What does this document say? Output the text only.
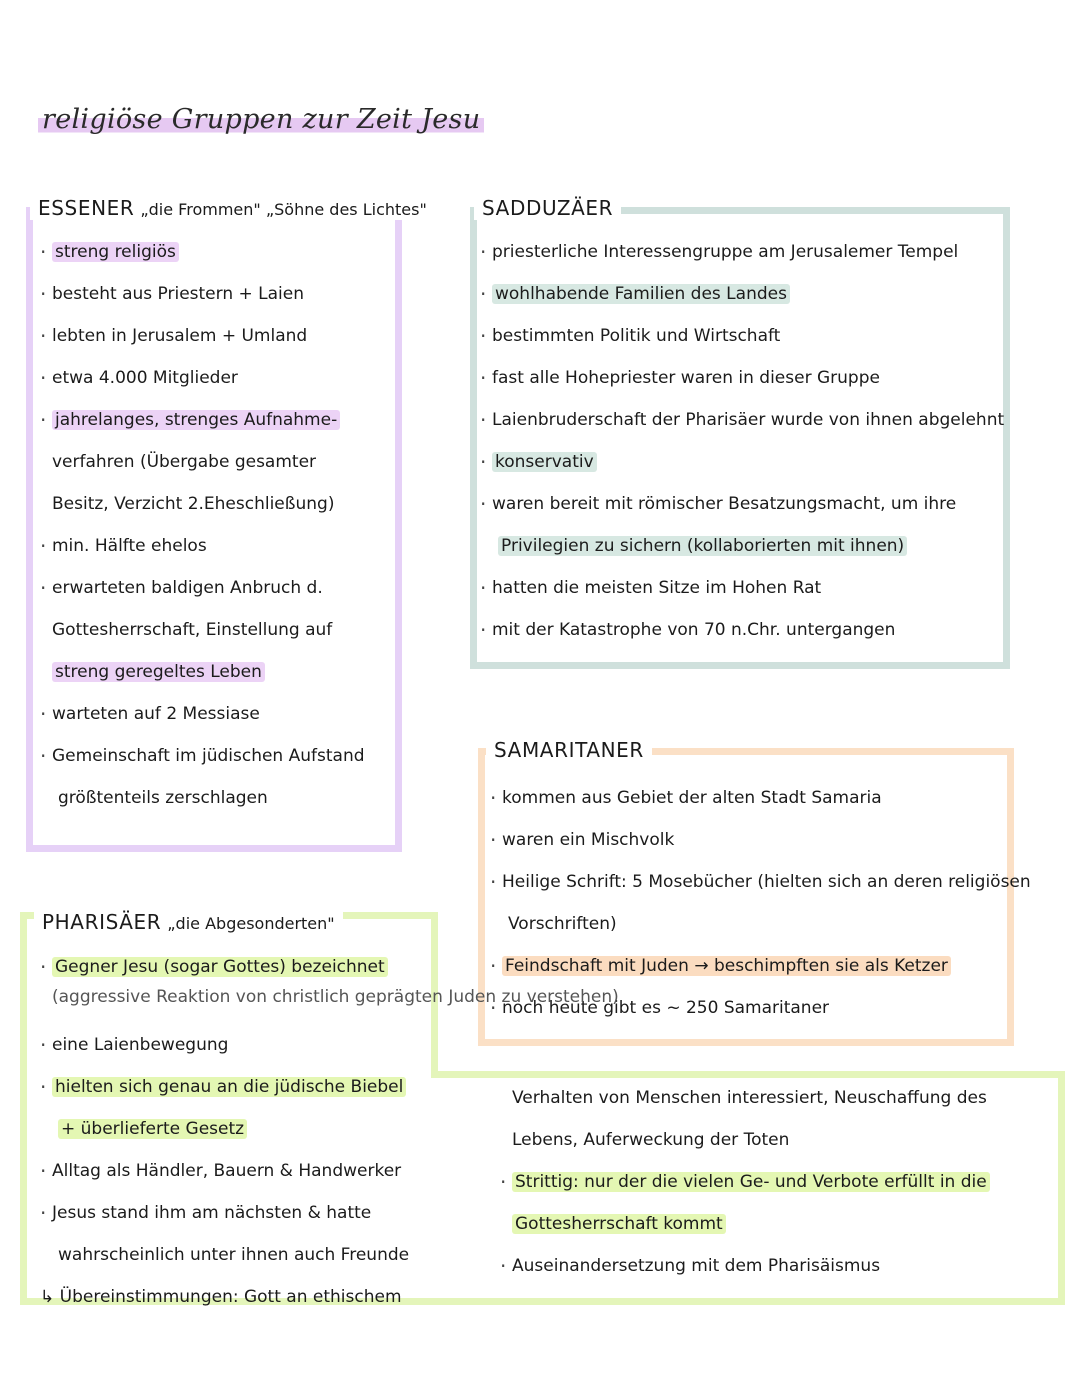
religiöse Gruppen zur Zeit Jesu
ESSENER „die Frommen" „Söhne des Lichtes"
· streng religiös
· besteht aus Priestern + Laien
· lebten in Jerusalem + Umland
· etwa 4.000 Mitglieder
· jahrelanges, strenges Aufnahme-
verfahren (Übergabe gesamter
Besitz, Verzicht 2.Eheschließung)
· min. Hälfte ehelos
· erwarteten baldigen Anbruch d.
Gottesherrschaft, Einstellung auf
streng geregeltes Leben
· warteten auf 2 Messiase
· Gemeinschaft im jüdischen Aufstand
größtenteils zerschlagen
SADDUZÄER
· priesterliche Interessengruppe am Jerusalemer Tempel
· wohlhabende Familien des Landes
· bestimmten Politik und Wirtschaft
· fast alle Hohepriester waren in dieser Gruppe
· Laienbruderschaft der Pharisäer wurde von ihnen abgelehnt
· konservativ
· waren bereit mit römischer Besatzungsmacht, um ihre
Privilegien zu sichern (kollaborierten mit ihnen)
· hatten die meisten Sitze im Hohen Rat
· mit der Katastrophe von 70 n.Chr. untergangen
SAMARITANER
· kommen aus Gebiet der alten Stadt Samaria
· waren ein Mischvolk
· Heilige Schrift: 5 Mosebücher (hielten sich an deren religiösen
Vorschriften)
· Feindschaft mit Juden → beschimpften sie als Ketzer
· noch heute gibt es ~ 250 Samaritaner
PHARISÄER „die Abgesonderten"
· Gegner Jesu (sogar Gottes) bezeichnet
(aggressive Reaktion von christlich geprägten Juden zu verstehen)
· eine Laienbewegung
· hielten sich genau an die jüdische Biebel
+ überlieferte Gesetz
· Alltag als Händler, Bauern & Handwerker
· Jesus stand ihm am nächsten & hatte
wahrscheinlich unter ihnen auch Freunde
↳ Übereinstimmungen: Gott an ethischem
Verhalten von Menschen interessiert, Neuschaffung des
Lebens, Auferweckung der Toten
· Strittig: nur der die vielen Ge- und Verbote erfüllt in die
Gottesherrschaft kommt
· Auseinandersetzung mit dem Pharisäismus
